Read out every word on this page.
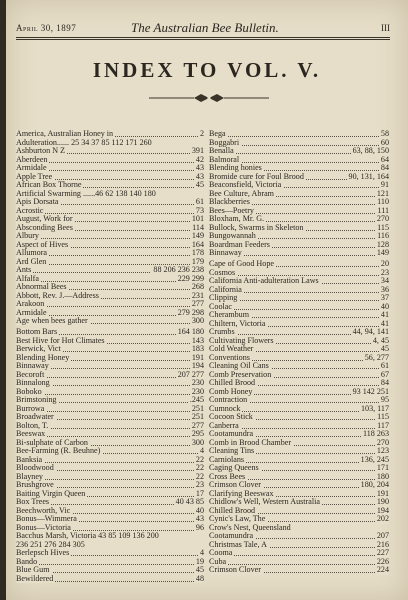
April 30, 1897	The Australian Bee Bulletin.	III
INDEX TO VOL. V.
America, Australian Honey in	2
Adulteration...... 25 34 37 85 112 171 260
Ashburton N Z	391
Aberdeen	42
Armidale	43
Apple Tree	43
African Box Thorne	45
Artificial Swarming ......46 62 138 140 180
Apis Dorsata	61
Acrostic	73
August, Work for	101
Absconding Bees	114
Albury	149
Aspect of Hives	164
Allumora	178
Ard Glen	179
Ants	88 206 236 238
Alfalfa	229 299
Abnormal Bees	268
Abbott, Rev. J.—Address	231
Arakoon	277
Armidale	279 298
Age when bees gather	300
Bottom Bars	164 180
Best Hive for Hot Climates	143
Berwick, Vict	183
Blending Honey	191
Binnaway	194
Becoroft	207 277
Binnalong	230
Boboko	230
Brimstoning	.245
Burrowa	251
Broadwater	251
Bolton, T.	277
Beeswax	295
Bi-sulphate of Carbon	300
Bee-Farming (R. Beuhne)	4
Banksia	22
Bloodwood	22
Blayney	22
Brushgrove	23
Baiting Virgin Queen	17
Box Trees	40 43 85
Beechworth, Vic	40
Bonus—Wimmera	43
Bonus—Victoria	96
Bacchus Marsh, Victoria 43 85 109 136 200
236 251 276 284 305
Berlepsch Hives	4
Bando	19
Blue Gum	45
Bewildered	48
Bega	58
Boggabri	60
Benalla	63, 88, 150
Balmoral	64
Blending honies	84
Bromide cure for Foul Brood	90, 131, 164
Beaconsfield, Victoria	91
Bee Culture, Abram	121
Blackberries	110
Bees—Poetry	111
Bloxham, Mr. G.	270
Bullock, Swarms in Skeleton	115
Bungowannah	116
Boardman Feeders	128
Binnaway	149
Cape of Good Hope	20
Cosmos	23
California Anti-adulteration Laws	34
California	36
Clipping	37
Coolac	40
Cherambum	41
Chiltern, Victoria	41
Crumbs	44, 94, 141
Cultivating Flowers	4, 45
Cold Weather	45
Conventions	56, 277
Cleaning Oil Cans	61
Comb Preservation	67
Chilled Brood	84
Comb Honey	93 142 251
Contraction	95
Cumnock	103, 117
Cocoon Stick	115
Canberra	117
Cootamundra	118 263
Comb in Brood Chamber	270
Cleaning Tins	123
Carniolans	136, 245
Caging Queens	171
Cross Bees	180
Crimson Clover	180, 204
Clarifying Beeswax	191
Chidlow's Well, Western Australia	190
Chilled Brood	194
Cynic's Law, The	202
Crow's Nest, Queensland
Cootamundra	207
Christmas Tale, A	216
Cooma	227
Cuba	226
Crimson Clover	224
